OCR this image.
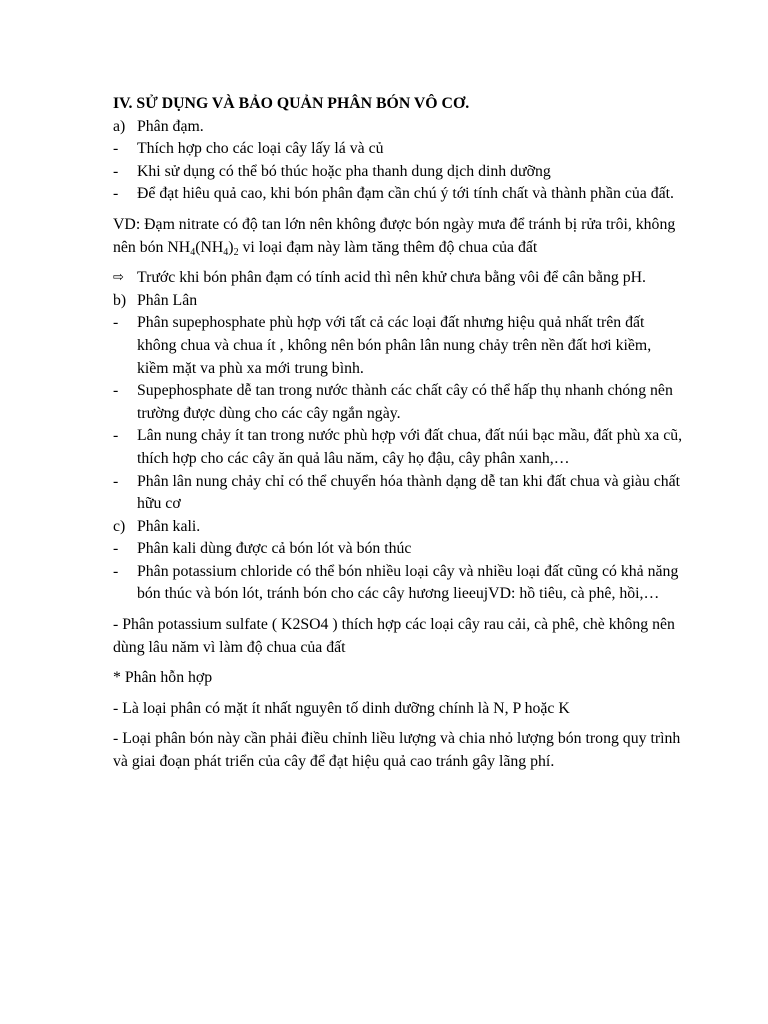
IV. SỬ DỤNG VÀ BẢO QUẢN PHÂN BÓN VÔ CƠ.

a) Phân đạm.
-	Thích hợp cho các loại cây lấy lá và củ
-	Khi sử dụng có thể bó thúc hoặc pha thanh dung dịch dinh dưỡng
-	Để đạt hiêu quả cao, khi bón phân đạm cần chú ý tới tính chất và thành phần của đất.

VD: Đạm nitrate có độ tan lớn nên không được bón ngày mưa để tránh bị rửa trôi, không nên bón $NH_4(NH_4)_2$ vi loại đạm này làm tăng thêm độ chua của đất

⇨ Trước khi bón phân đạm có tính acid thì nên khử chưa bằng vôi để cân bằng pH.
b) Phân Lân
-	Phân supephosphate phù hợp với tất cả các loại đất nhưng hiệu quả nhất trên đất không chua và chua ít , không nên bón phân lân nung chảy trên nền đất hơi kiềm, kiềm mặt va phù xa mới trung bình.
-	Supephosphate dễ tan trong nước thành các chất cây có thể hấp thụ nhanh chóng nên trường được dùng cho các cây ngắn ngày.
-	Lân nung chảy ít tan trong nước phù hợp với đất chua, đất núi bạc mầu, đất phù xa cũ, thích hợp cho các cây ăn quả lâu năm, cây họ đậu, cây phân xanh,…
-	Phân lân nung chảy chỉ có thể chuyển hóa thành dạng dễ tan khi đất chua và giàu chất hữu cơ
c) Phân kali.
-	Phân kali dùng được cả bón lót và bón thúc
-	Phân potassium chloride có thể bón nhiều loại cây và nhiều loại đất cũng có khả năng bón thúc và bón lót, tránh bón cho các cây hương lieeujVD: hồ tiêu, cà phê, hồi,…

- Phân potassium sulfate ( K2SO4 ) thích hợp các loại cây rau cải, cà phê, chè không nên dùng lâu năm vì làm độ chua của đất

* Phân hỗn hợp

- Là loại phân có mặt ít nhất nguyên tố dinh dưỡng chính là N, P hoặc K

- Loại phân bón này cần phải điều chỉnh liều lượng và chia nhỏ lượng bón trong quy trình và giai đoạn phát triển của cây để đạt hiệu quả cao tránh gây lãng phí.
